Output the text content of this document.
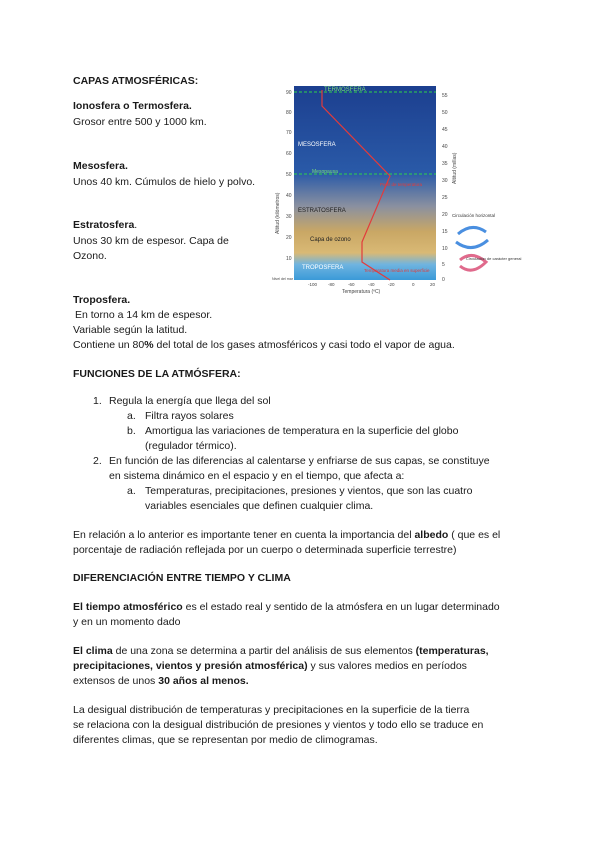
CAPAS ATMOSFÉRICAS:
Ionosfera o Termosfera.
Grosor entre 500 y 1000 km.
Mesosfera.
Unos 40 km. Cúmulos de hielo y polvo.
Estratosfera.
Unos 30 km de espesor. Capa de
Ozono.
Troposfera.
En torno a 14 km de espesor.
Variable según la latitud.
Contiene un 80% del total de los gases atmosféricos y casi todo el vapor de agua.
TERMOSFERA
MESOSFERA
Mesopausa
ESTRATOSFERA
Capa de ozono
TROPOSFERA
Perfil de temperatura
Temperatura media en superficie
90
80
70
60
50
40
30
20
10
Nivel del mar
Altitud (kilómetros)
55
50
45
40
35
30
25
20
15
10
5
0
Altitud (millas)
-100 -80	-60	-40	-20	0	20
Temperatura (ºC)
Circulación horizontal
Circulación de carácter general
FUNCIONES DE LA ATMÓSFERA:
1. Regula la energía que llega del sol
a. Filtra rayos solares
b. Amortigua las variaciones de temperatura en la superficie del globo
(regulador térmico).
2. En función de las diferencias al calentarse y enfriarse de sus capas, se constituye
en sistema dinámico en el espacio y en el tiempo, que afecta a:
a. Temperaturas, precipitaciones, presiones y vientos, que son las cuatro
variables esenciales que definen cualquier clima.
En relación a lo anterior es importante tener en cuenta la importancia del albedo ( que es el
porcentaje de radiación reflejada por un cuerpo o determinada superficie terrestre)
DIFERENCIACIÓN ENTRE TIEMPO Y CLIMA
El tiempo atmosférico es el estado real y sentido de la atmósfera en un lugar determinado
y en un momento dado
El clima de una zona se determina a partir del análisis de sus elementos (temperaturas,
precipitaciones, vientos y presión atmosférica) y sus valores medios en períodos
extensos de unos 30 años al menos.
La desigual distribución de temperaturas y precipitaciones en la superficie de la tierra
se relaciona con la desigual distribución de presiones y vientos y todo ello se traduce en
diferentes climas, que se representan por medio de climogramas.
